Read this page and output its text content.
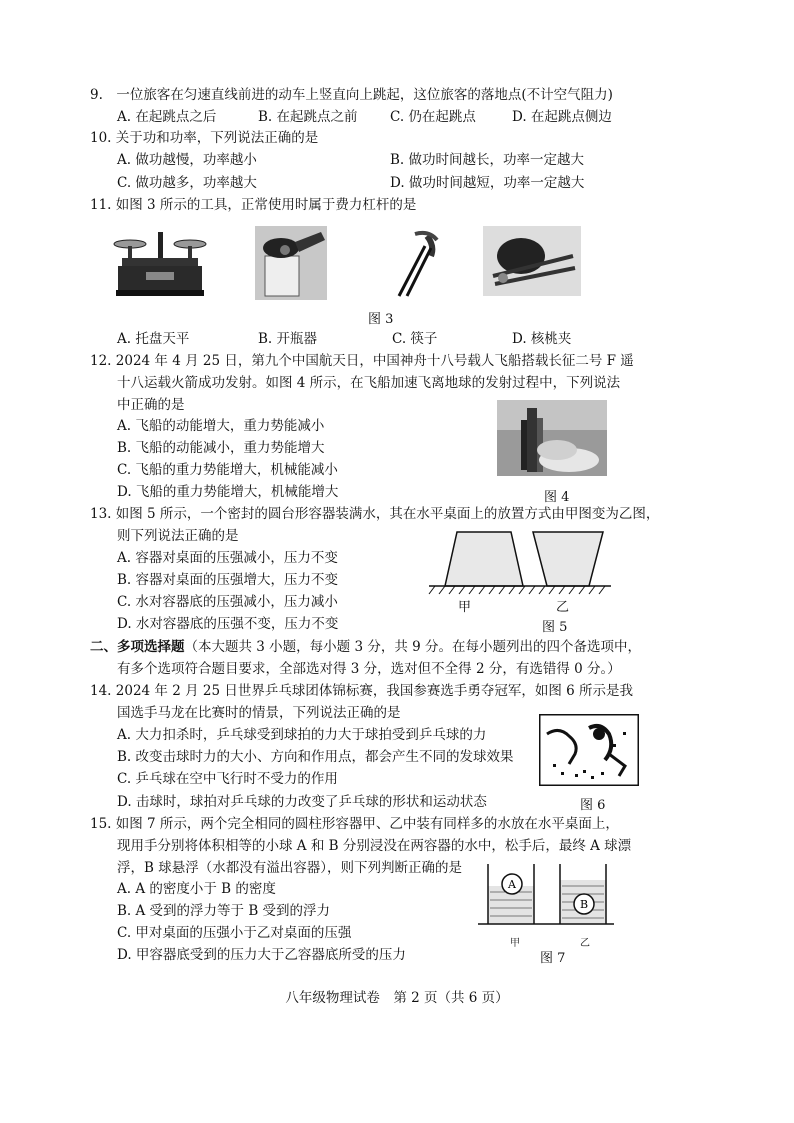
9.　一位旅客在匀速直线前进的动车上竖直向上跳起，这位旅客的落地点(不计空气阻力)
A. 在起跳点之后	B. 在起跳点之前 C. 仍在起跳点	D. 在起跳点侧边
10. 关于功和功率，下列说法正确的是
A. 做功越慢，功率越小	B. 做功时间越长，功率一定越大
C. 做功越多，功率越大	D. 做功时间越短，功率一定越大
11. 如图 3 所示的工具，正常使用时属于费力杠杆的是
图 3
A. 托盘天平	B. 开瓶器	C. 筷子	D. 核桃夹
12. 2024 年 4 月 25 日，第九个中国航天日，中国神舟十八号载人飞船搭载长征二号 F 遥
十八运载火箭成功发射。如图 4 所示，在飞船加速飞离地球的发射过程中，下列说法
中正确的是
A. 飞船的动能增大，重力势能减小
B. 飞船的动能减小，重力势能增大
C. 飞船的重力势能增大，机械能减小
D. 飞船的重力势能增大，机械能增大	图 4
13. 如图 5 所示，一个密封的圆台形容器装满水，其在水平桌面上的放置方式由甲图变为乙图，
则下列说法正确的是
A. 容器对桌面的压强减小，压力不变
B. 容器对桌面的压强增大，压力不变
C. 水对容器底的压强减小，压力减小
D. 水对容器底的压强不变，压力不变
甲	乙
图 5
二、多项选择题（本大题共 3 小题，每小题 3 分，共 9 分。在每小题列出的四个备选项中，
有多个选项符合题目要求，全部选对得 3 分，选对但不全得 2 分，有选错得 0 分。）
14. 2024 年 2 月 25 日世界乒乓球团体锦标赛，我国参赛选手勇夺冠军，如图 6 所示是我
国选手马龙在比赛时的情景，下列说法正确的是
A. 大力扣杀时，乒乓球受到球拍的力大于球拍受到乒乓球的力
B. 改变击球时力的大小、方向和作用点，都会产生不同的发球效果
C. 乒乓球在空中飞行时不受力的作用
D. 击球时，球拍对乒乓球的力改变了乒乓球的形状和运动状态	图 6
15. 如图 7 所示，两个完全相同的圆柱形容器甲、乙中装有同样多的水放在水平桌面上，
现用手分别将体积相等的小球 A 和 B 分别浸没在两容器的水中，松手后，最终 A 球漂
浮，B 球悬浮（水都没有溢出容器），则下列判断正确的是
A. A 的密度小于 B 的密度
B. A 受到的浮力等于 B 受到的浮力
C. 甲对桌面的压强小于乙对桌面的压强
D. 甲容器底受到的压力大于乙容器底所受的压力
A
B
甲	乙
图 7
八年级物理试卷　第 2 页（共 6 页）
